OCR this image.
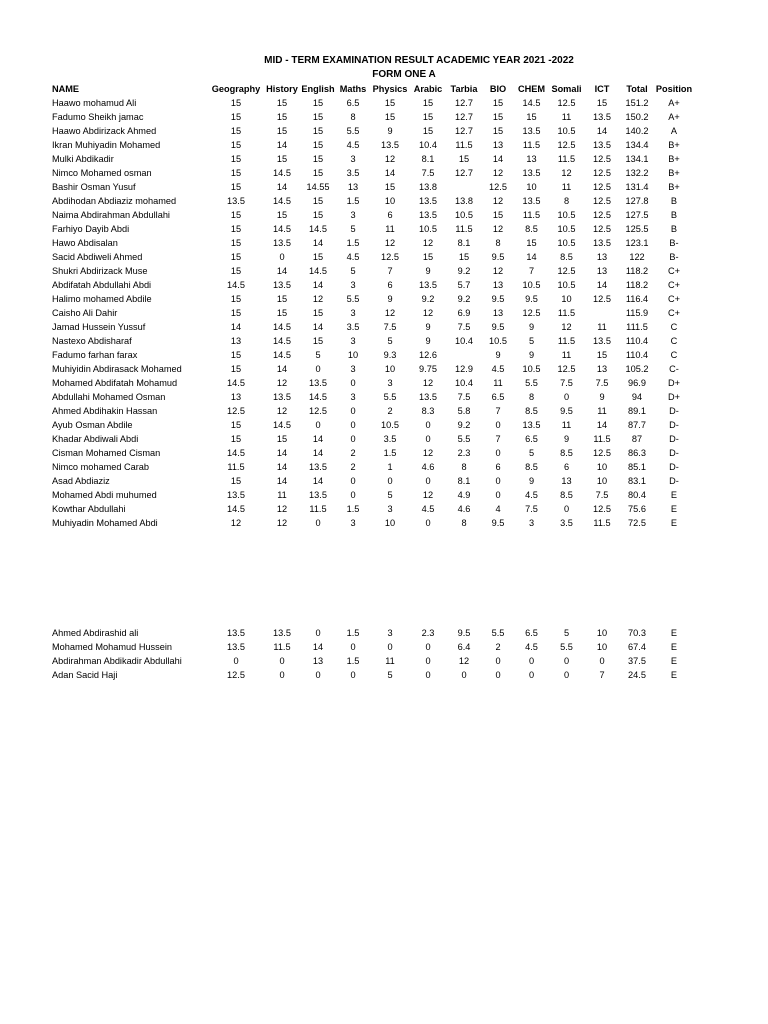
MID - TERM EXAMINATION RESULT ACADEMIC YEAR 2021 -2022
FORM ONE A
NAME	Geography	History	English	Maths	Physics	Arabic	Tarbia	BIO	CHEM	Somali	ICT	Total	Position
Haawo mohamud Ali	15	15	15	6.5	15	15	12.7	15	14.5	12.5	15	151.2	A+
Fadumo Sheikh jamac	15	15	15	8	15	15	12.7	15	15	11	13.5	150.2	A+
Haawo Abdirizack Ahmed	15	15	15	5.5	9	15	12.7	15	13.5	10.5	14	140.2	A
Ikran Muhiyadin Mohamed	15	14	15	4.5	13.5	10.4	11.5	13	11.5	12.5	13.5	134.4	B+
Mulki Abdikadir	15	15	15	3	12	8.1	15	14	13	11.5	12.5	134.1	B+
Nimco Mohamed osman	15	14.5	15	3.5	14	7.5	12.7	12	13.5	12	12.5	132.2	B+
Bashir Osman Yusuf	15	14	14.55	13	15	13.8		12.5	10	11	12.5	131.4	B+
Abdihodan Abdiaziz mohamed	13.5	14.5	15	1.5	10	13.5	13.8	12	13.5	8	12.5	127.8	B
Naima Abdirahman Abdullahi	15	15	15	3	6	13.5	10.5	15	11.5	10.5	12.5	127.5	B
Farhiyo Dayib Abdi	15	14.5	14.5	5	11	10.5	11.5	12	8.5	10.5	12.5	125.5	B
Hawo Abdisalan	15	13.5	14	1.5	12	12	8.1	8	15	10.5	13.5	123.1	B-
Sacid Abdiweli Ahmed	15	0	15	4.5	12.5	15	15	9.5	14	8.5	13	122	B-
Shukri Abdirizack Muse	15	14	14.5	5	7	9	9.2	12	7	12.5	13	118.2	C+
Abdifatah Abdullahi Abdi	14.5	13.5	14	3	6	13.5	5.7	13	10.5	10.5	14	118.2	C+
Halimo mohamed Abdile	15	15	12	5.5	9	9.2	9.2	9.5	9.5	10	12.5	116.4	C+
Caisho Ali Dahir	15	15	15	3	12	12	6.9	13	12.5	11.5		115.9	C+
Jamad Hussein Yussuf	14	14.5	14	3.5	7.5	9	7.5	9.5	9	12	11	111.5	C
Nastexo Abdisharaf	13	14.5	15	3	5	9	10.4	10.5	5	11.5	13.5	110.4	C
Fadumo farhan farax	15	14.5	5	10	9.3	12.6		9	9	11	15	110.4	C
Muhiyidin Abdirasack Mohamed	15	14	0	3	10	9.75	12.9	4.5	10.5	12.5	13	105.2	C-
Mohamed Abdifatah Mohamud	14.5	12	13.5	0	3	12	10.4	11	5.5	7.5	7.5	96.9	D+
Abdullahi Mohamed Osman	13	13.5	14.5	3	5.5	13.5	7.5	6.5	8	0	9	94	D+
Ahmed Abdihakin Hassan	12.5	12	12.5	0	2	8.3	5.8	7	8.5	9.5	11	89.1	D-
Ayub Osman Abdile	15	14.5	0	0	10.5	0	9.2	0	13.5	11	14	87.7	D-
Khadar Abdiwali Abdi	15	15	14	0	3.5	0	5.5	7	6.5	9	11.5	87	D-
Cisman Mohamed Cisman	14.5	14	14	2	1.5	12	2.3	0	5	8.5	12.5	86.3	D-
Nimco mohamed Carab	11.5	14	13.5	2	1	4.6	8	6	8.5	6	10	85.1	D-
Asad Abdiaziz	15	14	14	0	0	0	8.1	0	9	13	10	83.1	D-
Mohamed Abdi muhumed	13.5	11	13.5	0	5	12	4.9	0	4.5	8.5	7.5	80.4	E
Kowthar Abdullahi	14.5	12	11.5	1.5	3	4.5	4.6	4	7.5	0	12.5	75.6	E
Muhiyadin Mohamed Abdi	12	12	0	3	10	0	8	9.5	3	3.5	11.5	72.5	E

Ahmed Abdirashid ali	13.5	13.5	0	1.5	3	2.3	9.5	5.5	6.5	5	10	70.3	E
Mohamed Mohamud Hussein	13.5	11.5	14	0	0	0	6.4	2	4.5	5.5	10	67.4	E
Abdirahman Abdikadir Abdullahi	0	0	13	1.5	11	0	12	0	0	0	0	37.5	E
Adan Sacid Haji	12.5	0	0	0	5	0	0	0	0	0	7	24.5	E
